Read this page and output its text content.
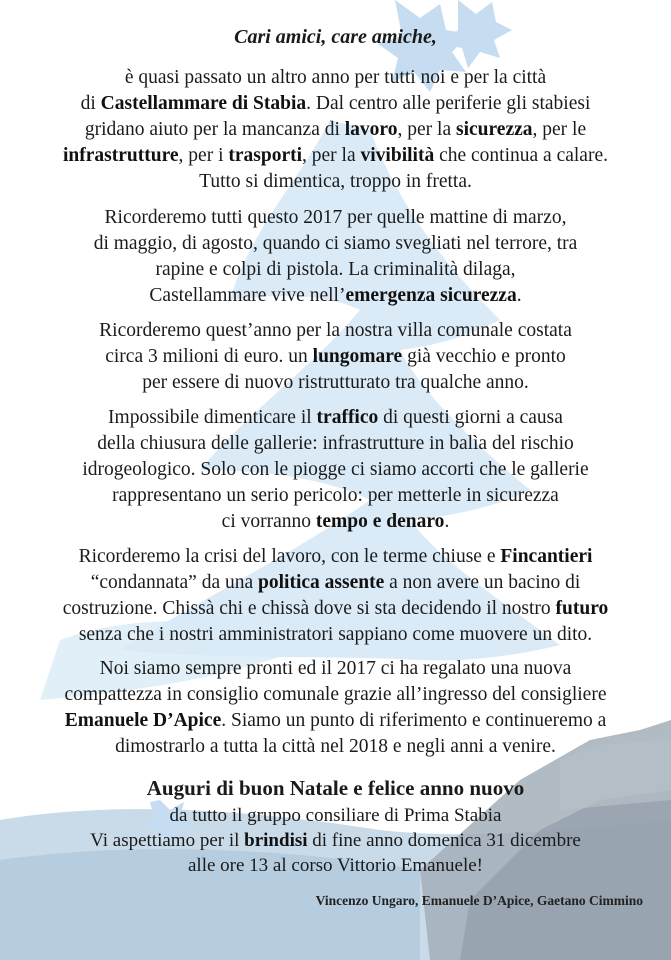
Cari amici, care amiche,
è quasi passato un altro anno per tutti noi e per la città
di Castellammare di Stabia. Dal centro alle periferie gli stabiesi
gridano aiuto per la mancanza di lavoro, per la sicurezza, per le
infrastrutture, per i trasporti, per la vivibilità che continua a calare.
Tutto si dimentica, troppo in fretta.
Ricorderemo tutti questo 2017 per quelle mattine di marzo,
di maggio, di agosto, quando ci siamo svegliati nel terrore, tra
rapine e colpi di pistola. La criminalità dilaga,
Castellammare vive nell’emergenza sicurezza.
Ricorderemo quest’anno per la nostra villa comunale costata
circa 3 milioni di euro. un lungomare già vecchio e pronto
per essere di nuovo ristrutturato tra qualche anno.
Impossibile dimenticare il traffico di questi giorni a causa
della chiusura delle gallerie: infrastrutture in balìa del rischio
idrogeologico. Solo con le piogge ci siamo accorti che le gallerie
rappresentano un serio pericolo: per metterle in sicurezza
ci vorranno tempo e denaro.
Ricorderemo la crisi del lavoro, con le terme chiuse e Fincantieri
“condannata” da una politica assente a non avere un bacino di
costruzione. Chissà chi e chissà dove si sta decidendo il nostro futuro
senza che i nostri amministratori sappiano come muovere un dito.
Noi siamo sempre pronti ed il 2017 ci ha regalato una nuova
compattezza in consiglio comunale grazie all’ingresso del consigliere
Emanuele D’Apice. Siamo un punto di riferimento e continueremo a
dimostrarlo a tutta la città nel 2018 e negli anni a venire.
Auguri di buon Natale e felice anno nuovo
da tutto il gruppo consiliare di Prima Stabia
Vi aspettiamo per il brindisi di fine anno domenica 31 dicembre
alle ore 13 al corso Vittorio Emanuele!
Vincenzo Ungaro, Emanuele D’Apice, Gaetano Cimmino
